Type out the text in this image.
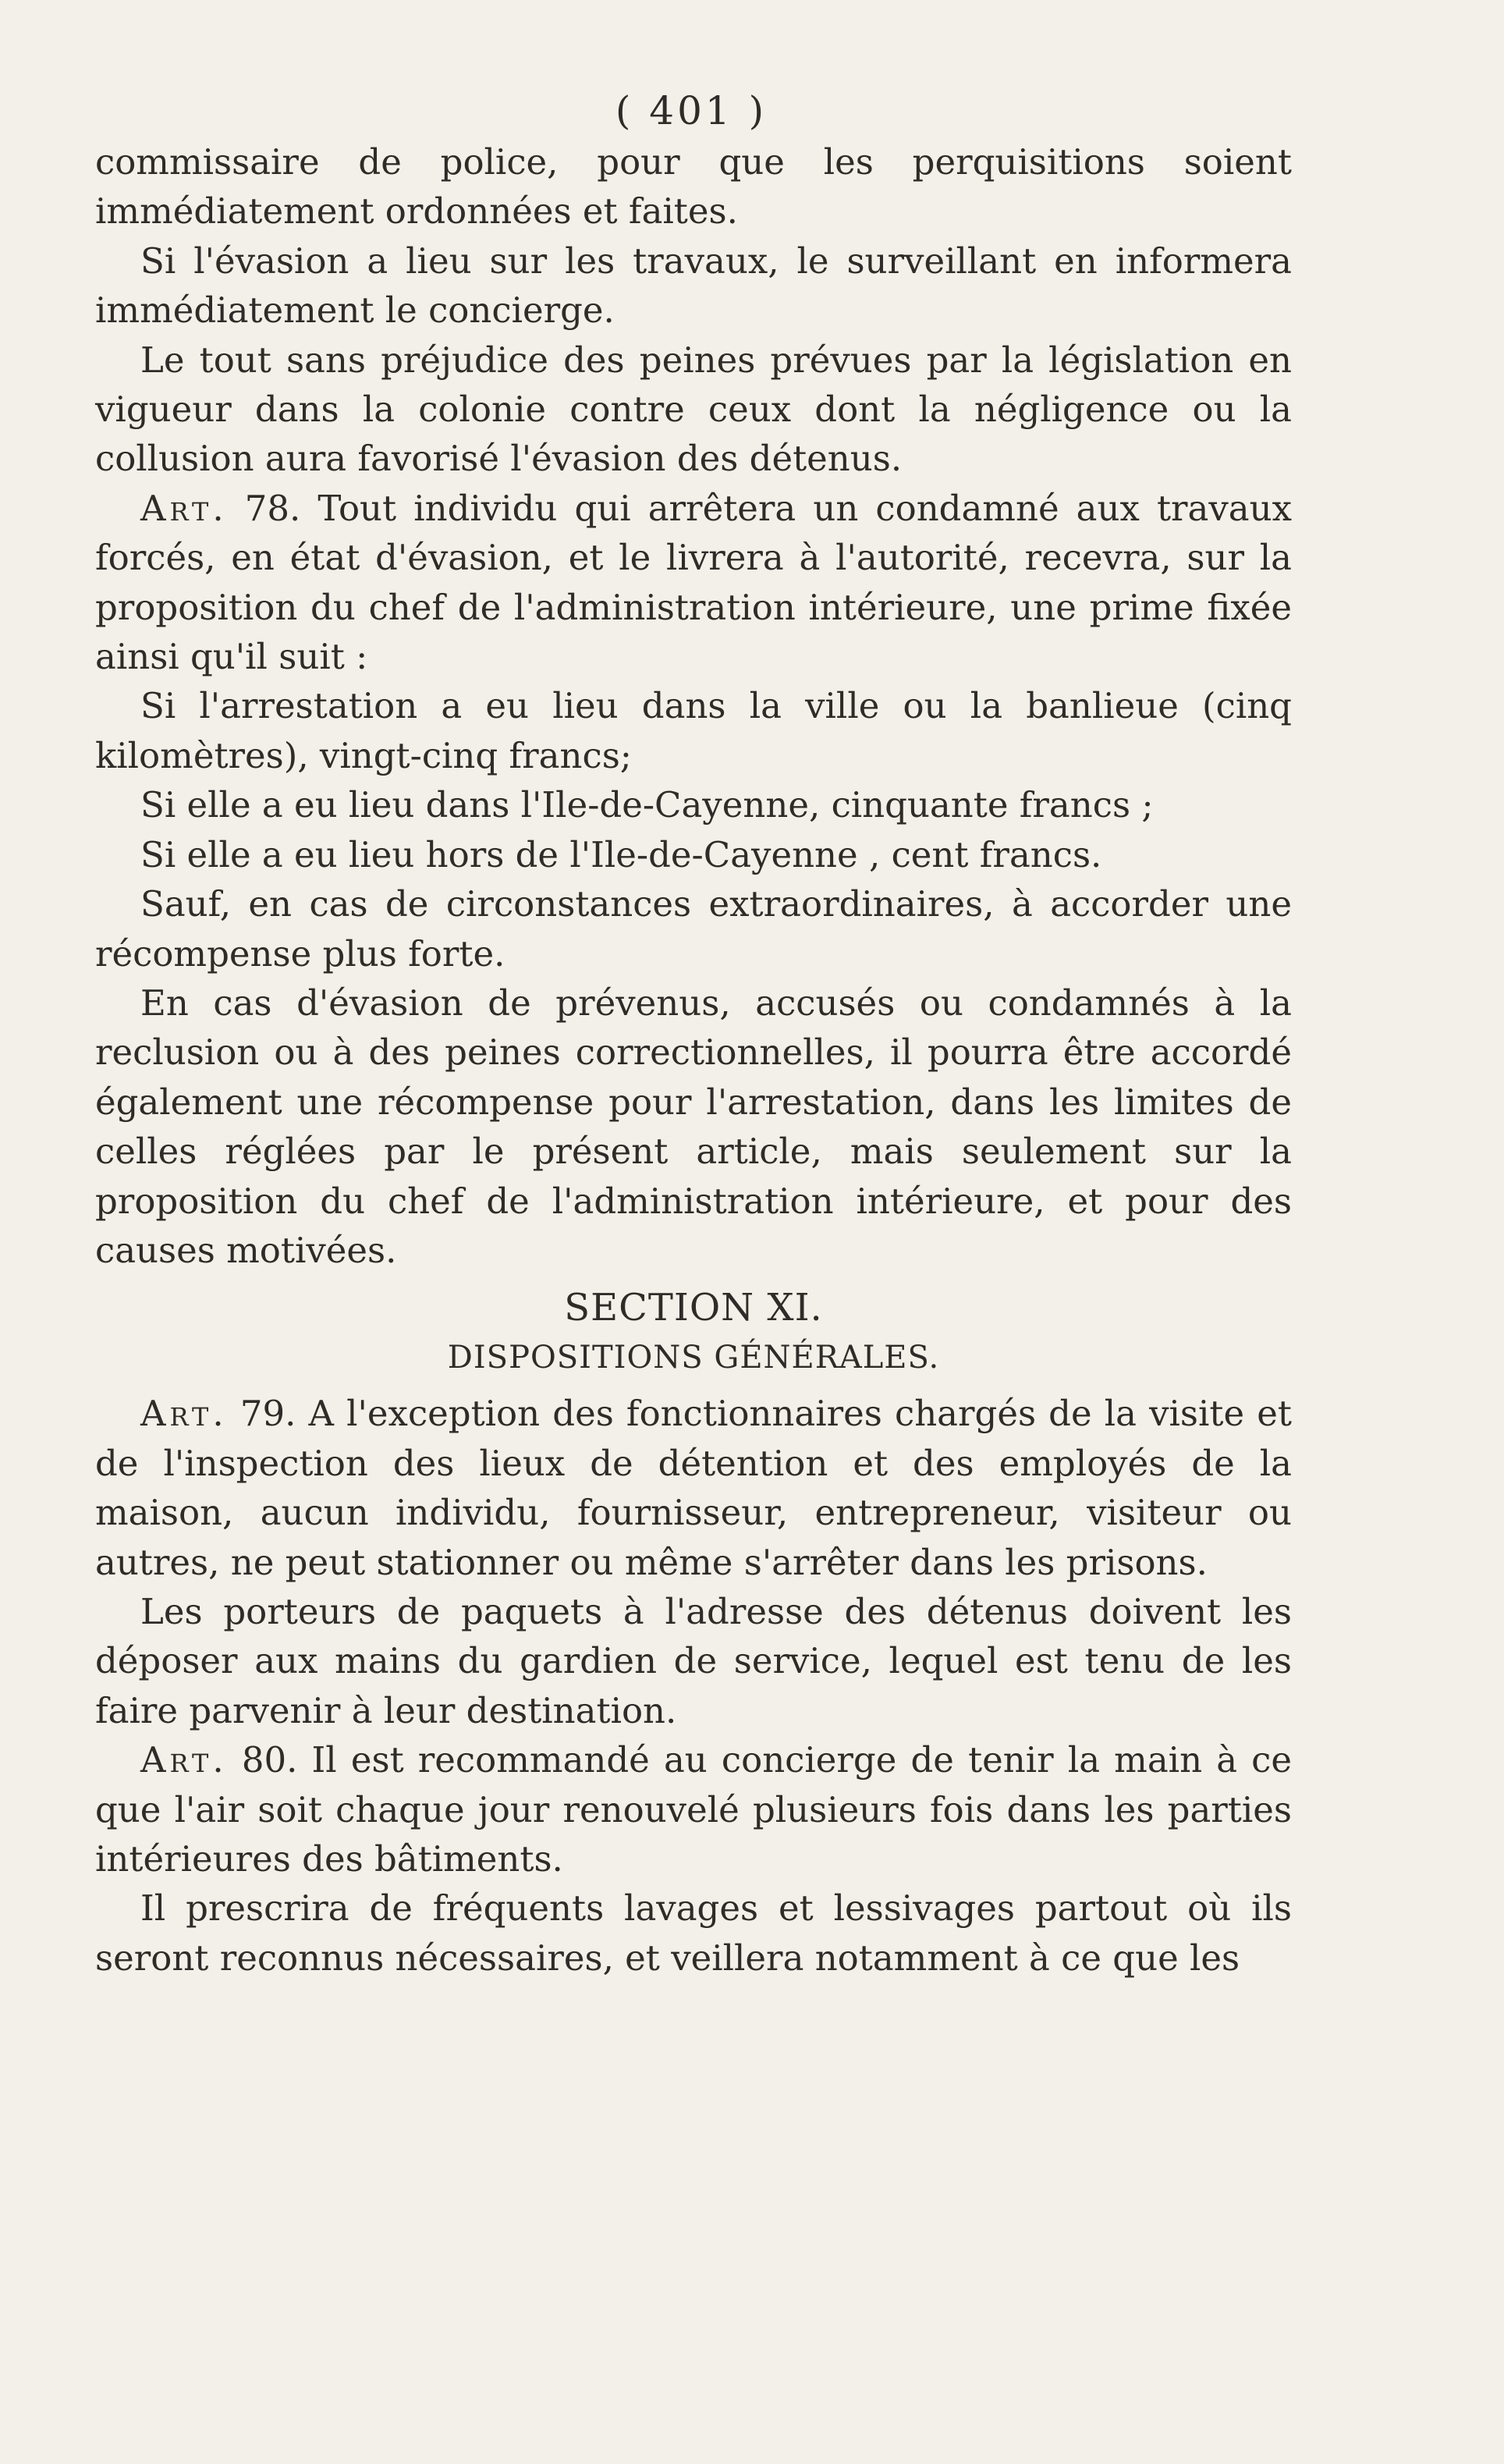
( 401 )

commissaire de police, pour que les perquisitions soient immédiatement ordonnées et faites.

Si l'évasion a lieu sur les travaux, le surveillant en informera immédiatement le concierge.

Le tout sans préjudice des peines prévues par la législation en vigueur dans la colonie contre ceux dont la négligence ou la collusion aura favorisé l'évasion des détenus.

Art. 78. Tout individu qui arrêtera un condamné aux travaux forcés, en état d'évasion, et le livrera à l'autorité, recevra, sur la proposition du chef de l'administration intérieure, une prime fixée ainsi qu'il suit :

Si l'arrestation a eu lieu dans la ville ou la banlieue (cinq kilomètres), vingt-cinq francs;

Si elle a eu lieu dans l'Ile-de-Cayenne, cinquante francs ;

Si elle a eu lieu hors de l'Ile-de-Cayenne , cent francs.

Sauf, en cas de circonstances extraordinaires, à accorder une récompense plus forte.

En cas d'évasion de prévenus, accusés ou condamnés à la reclusion ou à des peines correctionnelles, il pourra être accordé également une récompense pour l'arrestation, dans les limites de celles réglées par le présent article, mais seulement sur la proposition du chef de l'administration intérieure, et pour des causes motivées.

SECTION XI.
DISPOSITIONS GÉNÉRALES.

Art. 79. A l'exception des fonctionnaires chargés de la visite et de l'inspection des lieux de détention et des employés de la maison, aucun individu, fournisseur, entrepreneur, visiteur ou autres, ne peut stationner ou même s'arrêter dans les prisons.

Les porteurs de paquets à l'adresse des détenus doivent les déposer aux mains du gardien de service, lequel est tenu de les faire parvenir à leur destination.

Art. 80. Il est recommandé au concierge de tenir la main à ce que l'air soit chaque jour renouvelé plusieurs fois dans les parties intérieures des bâtiments.

Il prescrira de fréquents lavages et lessivages partout où ils seront reconnus nécessaires, et veillera notamment à ce que les
